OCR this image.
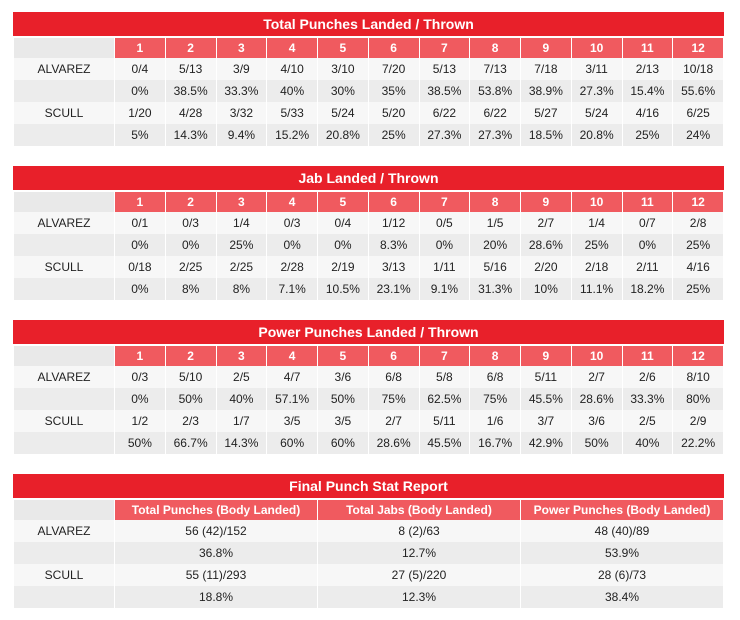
Total Punches Landed / Thrown
	1	2	3	4	5	6	7	8	9	10	11	12
ALVAREZ	0/4	5/13	3/9	4/10	3/10	7/20	5/13	7/13	7/18	3/11	2/13	10/18
	0%	38.5%	33.3%	40%	30%	35%	38.5%	53.8%	38.9%	27.3%	15.4%	55.6%
SCULL	1/20	4/28	3/32	5/33	5/24	5/20	6/22	6/22	5/27	5/24	4/16	6/25
	5%	14.3%	9.4%	15.2%	20.8%	25%	27.3%	27.3%	18.5%	20.8%	25%	24%
Jab Landed / Thrown
	1	2	3	4	5	6	7	8	9	10	11	12
ALVAREZ	0/1	0/3	1/4	0/3	0/4	1/12	0/5	1/5	2/7	1/4	0/7	2/8
	0%	0%	25%	0%	0%	8.3%	0%	20%	28.6%	25%	0%	25%
SCULL	0/18	2/25	2/25	2/28	2/19	3/13	1/11	5/16	2/20	2/18	2/11	4/16
	0%	8%	8%	7.1%	10.5%	23.1%	9.1%	31.3%	10%	11.1%	18.2%	25%
Power Punches Landed / Thrown
	1	2	3	4	5	6	7	8	9	10	11	12
ALVAREZ	0/3	5/10	2/5	4/7	3/6	6/8	5/8	6/8	5/11	2/7	2/6	8/10
	0%	50%	40%	57.1%	50%	75%	62.5%	75%	45.5%	28.6%	33.3%	80%
SCULL	1/2	2/3	1/7	3/5	3/5	2/7	5/11	1/6	3/7	3/6	2/5	2/9
	50%	66.7%	14.3%	60%	60%	28.6%	45.5%	16.7%	42.9%	50%	40%	22.2%
Final Punch Stat Report
	Total Punches (Body Landed)	Total Jabs (Body Landed)	Power Punches (Body Landed)
ALVAREZ	56 (42)/152	8 (2)/63	48 (40)/89
	36.8%	12.7%	53.9%
SCULL	55 (11)/293	27 (5)/220	28 (6)/73
	18.8%	12.3%	38.4%
